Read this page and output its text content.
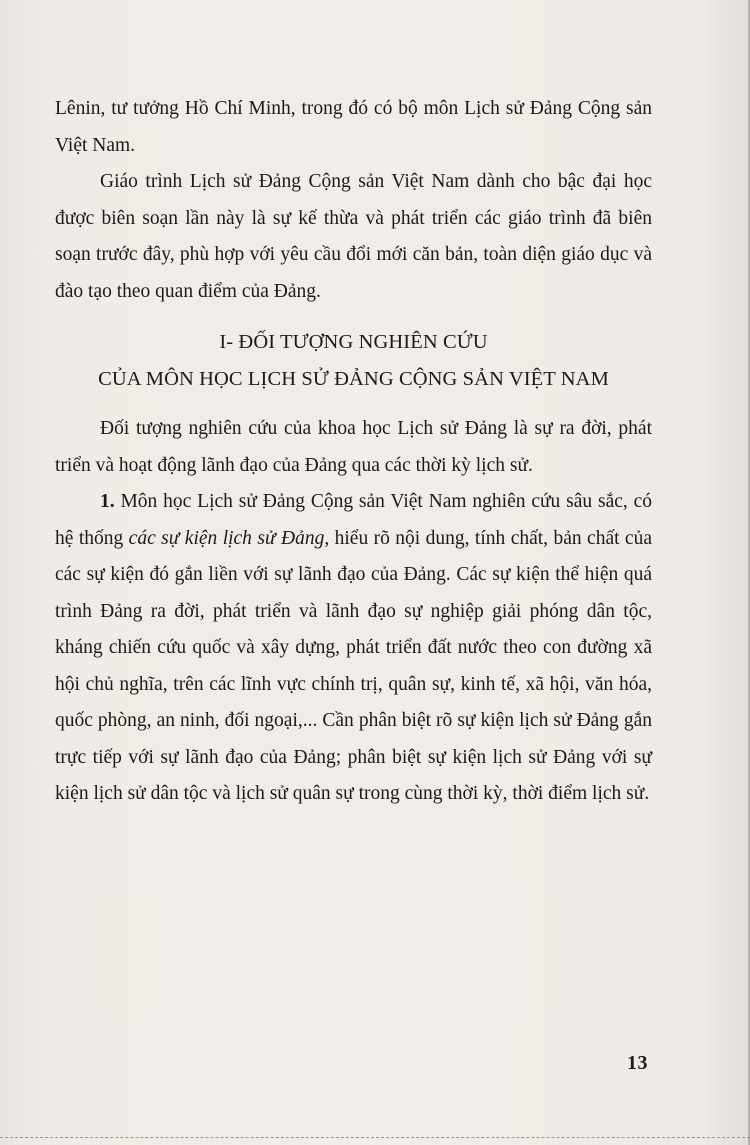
Lênin, tư tưởng Hồ Chí Minh, trong đó có bộ môn Lịch sử Đảng Cộng sản Việt Nam.

Giáo trình Lịch sử Đảng Cộng sản Việt Nam dành cho bậc đại học được biên soạn lần này là sự kế thừa và phát triển các giáo trình đã biên soạn trước đây, phù hợp với yêu cầu đổi mới căn bản, toàn diện giáo dục và đào tạo theo quan điểm của Đảng.

I- ĐỐI TƯỢNG NGHIÊN CỨU
CỦA MÔN HỌC LỊCH SỬ ĐẢNG CỘNG SẢN VIỆT NAM

Đối tượng nghiên cứu của khoa học Lịch sử Đảng là sự ra đời, phát triển và hoạt động lãnh đạo của Đảng qua các thời kỳ lịch sử.

1. Môn học Lịch sử Đảng Cộng sản Việt Nam nghiên cứu sâu sắc, có hệ thống các sự kiện lịch sử Đảng, hiểu rõ nội dung, tính chất, bản chất của các sự kiện đó gắn liền với sự lãnh đạo của Đảng. Các sự kiện thể hiện quá trình Đảng ra đời, phát triển và lãnh đạo sự nghiệp giải phóng dân tộc, kháng chiến cứu quốc và xây dựng, phát triển đất nước theo con đường xã hội chủ nghĩa, trên các lĩnh vực chính trị, quân sự, kinh tế, xã hội, văn hóa, quốc phòng, an ninh, đối ngoại,... Cần phân biệt rõ sự kiện lịch sử Đảng gắn trực tiếp với sự lãnh đạo của Đảng; phân biệt sự kiện lịch sử Đảng với sự kiện lịch sử dân tộc và lịch sử quân sự trong cùng thời kỳ, thời điểm lịch sử.

13
